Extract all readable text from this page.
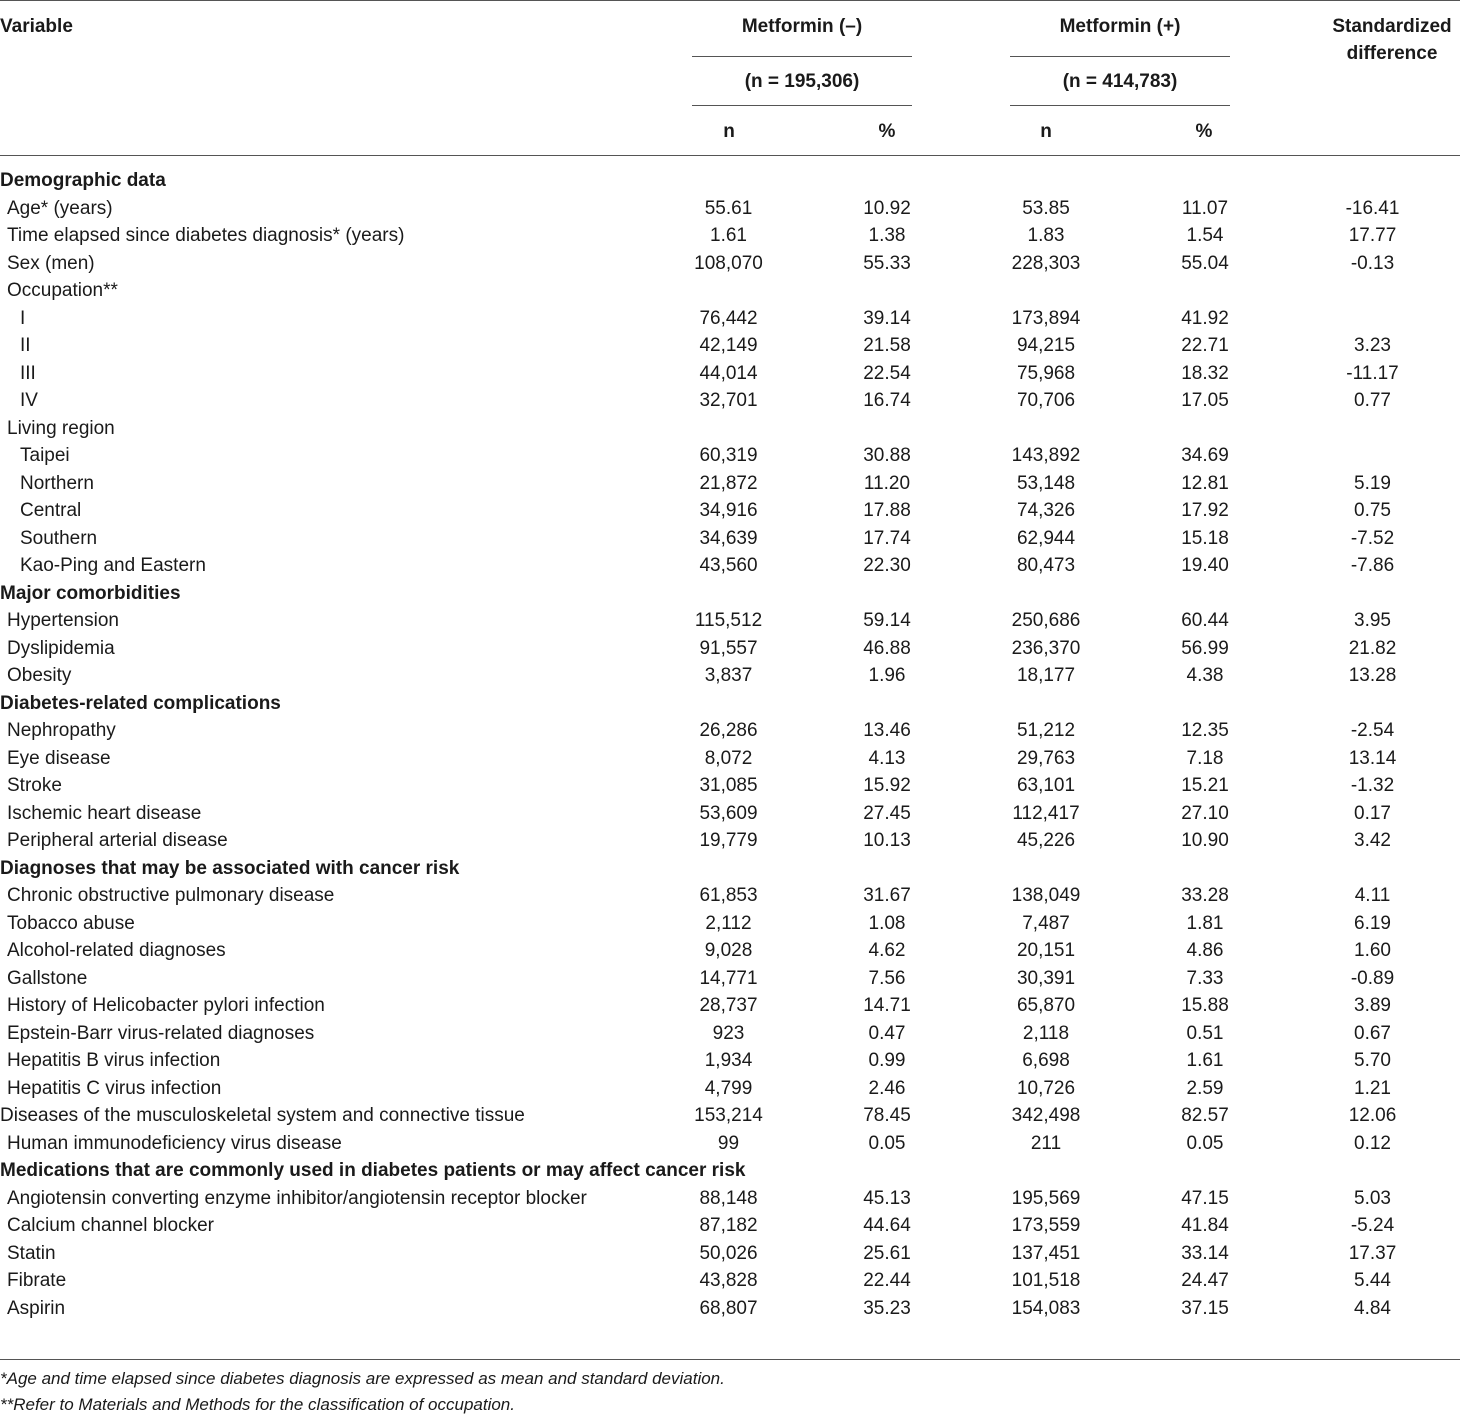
Variable	Metformin (–)
(n = 195,306)
n	%
Metformin (+)
(n = 414,783)
n	%
Standardized
difference
Demographic data					
Age* (years)	55.61	10.92	53.85	11.07	-16.41
Time elapsed since diabetes diagnosis* (years)	1.61	1.38	1.83	1.54	17.77
Sex (men)	108,070	55.33	228,303	55.04	-0.13
Occupation**					
I	76,442	39.14	173,894	41.92	
II	42,149	21.58	94,215	22.71	3.23
III	44,014	22.54	75,968	18.32	-11.17
IV	32,701	16.74	70,706	17.05	0.77
Living region					
Taipei	60,319	30.88	143,892	34.69	
Northern	21,872	11.20	53,148	12.81	5.19
Central	34,916	17.88	74,326	17.92	0.75
Southern	34,639	17.74	62,944	15.18	-7.52
Kao-Ping and Eastern	43,560	22.30	80,473	19.40	-7.86
Major comorbidities					
Hypertension	115,512	59.14	250,686	60.44	3.95
Dyslipidemia	91,557	46.88	236,370	56.99	21.82
Obesity	3,837	1.96	18,177	4.38	13.28
Diabetes-related complications					
Nephropathy	26,286	13.46	51,212	12.35	-2.54
Eye disease	8,072	4.13	29,763	7.18	13.14
Stroke	31,085	15.92	63,101	15.21	-1.32
Ischemic heart disease	53,609	27.45	112,417	27.10	0.17
Peripheral arterial disease	19,779	10.13	45,226	10.90	3.42
Diagnoses that may be associated with cancer risk					
Chronic obstructive pulmonary disease	61,853	31.67	138,049	33.28	4.11
Tobacco abuse	2,112	1.08	7,487	1.81	6.19
Alcohol-related diagnoses	9,028	4.62	20,151	4.86	1.60
Gallstone	14,771	7.56	30,391	7.33	-0.89
History of Helicobacter pylori infection	28,737	14.71	65,870	15.88	3.89
Epstein-Barr virus-related diagnoses	923	0.47	2,118	0.51	0.67
Hepatitis B virus infection	1,934	0.99	6,698	1.61	5.70
Hepatitis C virus infection	4,799	2.46	10,726	2.59	1.21
Diseases of the musculoskeletal system and connective tissue	153,214	78.45	342,498	82.57	12.06
Human immunodeficiency virus disease	99	0.05	211	0.05	0.12
Medications that are commonly used in diabetes patients or may affect cancer risk					
Angiotensin converting enzyme inhibitor/angiotensin receptor blocker	88,148	45.13	195,569	47.15	5.03
Calcium channel blocker	87,182	44.64	173,559	41.84	-5.24
Statin	50,026	25.61	137,451	33.14	17.37
Fibrate	43,828	22.44	101,518	24.47	5.44
Aspirin	68,807	35.23	154,083	37.15	4.84
*Age and time elapsed since diabetes diagnosis are expressed as mean and standard deviation.
**Refer to Materials and Methods for the classification of occupation.
